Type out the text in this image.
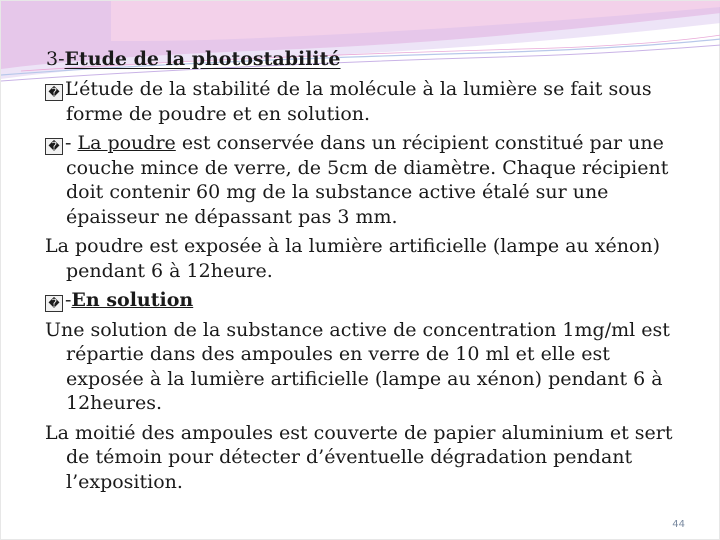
3-Etude de la photostabilité

� L’étude de la stabilité de la molécule à la lumière se fait sous forme de poudre et en solution.

� - La poudre est conservée dans un récipient constitué par une couche mince de verre, de 5cm de diamètre. Chaque récipient doit contenir 60 mg de la substance active étalé sur une épaisseur ne dépassant pas 3 mm.

La poudre est exposée à la lumière artificielle (lampe au xénon) pendant 6 à 12heure.

� -En solution

Une solution de la substance active de concentration 1mg/ml est répartie dans des ampoules en verre de 10 ml et elle est exposée à la lumière artificielle (lampe au xénon) pendant 6 à 12heures.

La moitié des ampoules est couverte de papier aluminium et sert de témoin pour détecter d’éventuelle dégradation pendant l’exposition.

44
